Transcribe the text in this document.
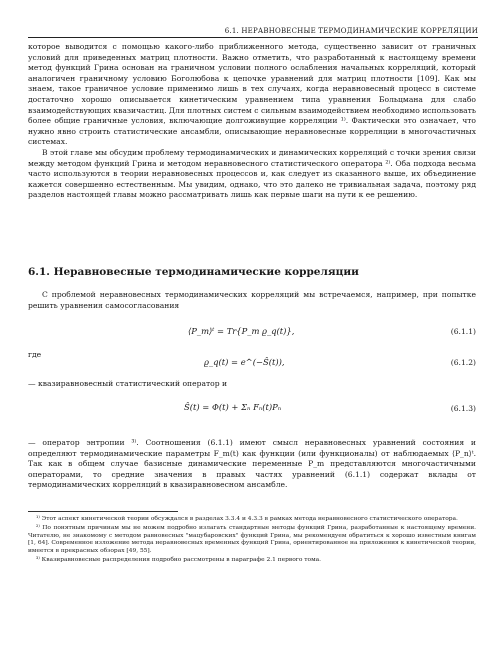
6.1. НЕРАВНОВЕСНЫЕ ТЕРМОДИНАМИЧЕСКИЕ КОРРЕЛЯЦИИ

которое выводится с помощью какого-либо приближенного метода, существенно зависит от граничных условий для приведенных матриц плотности. Важно отметить, что разработанный к настоящему времени метод функций Грина основан на граничном условии полного ослабления начальных корреляций, который аналогичен граничному условию Боголюбова к цепочке уравнений для матриц плотности [109]. Как мы знаем, такое граничное условие применимо лишь в тех случаях, когда неравновесный процесс в системе достаточно хорошо описывается кинетическим уравнением типа уравнения Больцмана для слабо взаимодействующих квазичастиц. Для плотных систем с сильным взаимодействием необходимо использовать более общие граничные условия, включающие долгоживущие корреляции ¹⁾. Фактически это означает, что нужно явно строить статистические ансамбли, описывающие неравновесные корреляции в многочастичных системах.

В этой главе мы обсудим проблему термодинамических и динамических корреляций с точки зрения связи между методом функций Грина и методом неравновесного статистического оператора ²⁾. Оба подхода весьма часто используются в теории неравновесных процессов и, как следует из сказанного выше, их объединение кажется совершенно естественным. Мы увидим, однако, что это далеко не тривиальная задача, поэтому ряд разделов настоящей главы можно рассматривать лишь как первые шаги на пути к ее решению.

6.1. Неравновесные термодинамические корреляции

С проблемой неравновесных термодинамических корреляций мы встречаемся, например, при попытке решить уравнения самосогласования

⟨P_m⟩ᵗ = Tr{P_m ϱ_q(t)},	(6.1.1)
где
ϱ_q(t) = e^(−Ŝ(t)),	(6.1.2)
— квазиравновесный статистический оператор и
Ŝ(t) = Φ(t) + Σₙ Fₙ(t)Pₙ	(6.1.3)

— оператор энтропии ³⁾. Соотношения (6.1.1) имеют смысл неравновесных уравнений состояния и определяют термодинамические параметры F_m(t) как функции (или функционалы) от наблюдаемых ⟨P_n⟩ᵗ. Так как в общем случае базисные динамические переменные P_m представляются многочастичными операторами, то средние значения в правых частях уравнений (6.1.1) содержат вклады от термодинамических корреляций в квазиравновесном ансамбле.

¹⁾ Этот аспект кинетической теории обсуждался в разделах 3.3.4 и 4.3.3 в рамках метода неравновесного статистического оператора.

²⁾ По понятным причинам мы не можем подробно излагать стандартные методы функций Грина, разработанные к настоящему времени. Читателю, не знакомому с методом равновесных "мацубаровских" функций Грина, мы рекомендуем обратиться к хорошо известным книгам [1, 64]. Современное изложение метода неравновесных временных функций Грина, ориентированное на приложения к кинетической теории, имеется в прекрасных обзорах [49, 55].

³⁾ Квазиравновесные распределения подробно рассмотрены в параграфе 2.1 первого тома.
